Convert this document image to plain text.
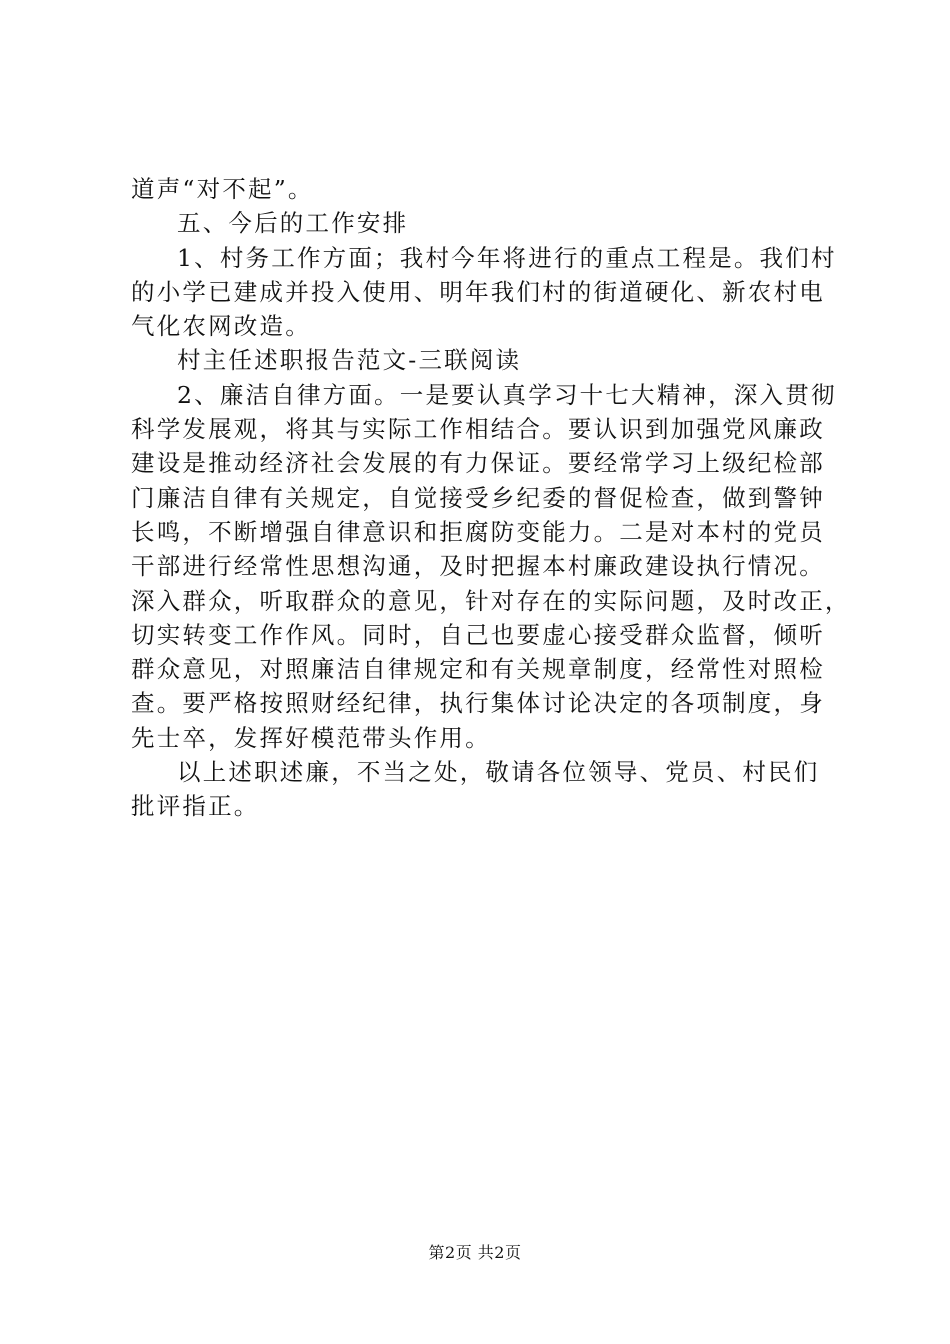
道声“对不起”。
五、今后的工作安排
1、村务工作方面；我村今年将进行的重点工程是。我们村
的小学已建成并投入使用、明年我们村的街道硬化、新农村电
气化农网改造。
村主任述职报告范文-三联阅读
2、廉洁自律方面。一是要认真学习十七大精神，深入贯彻
科学发展观，将其与实际工作相结合。要认识到加强党风廉政
建设是推动经济社会发展的有力保证。要经常学习上级纪检部
门廉洁自律有关规定，自觉接受乡纪委的督促检查，做到警钟
长鸣，不断增强自律意识和拒腐防变能力。二是对本村的党员
干部进行经常性思想沟通，及时把握本村廉政建设执行情况。
深入群众，听取群众的意见，针对存在的实际问题，及时改正，
切实转变工作作风。同时，自己也要虚心接受群众监督，倾听
群众意见，对照廉洁自律规定和有关规章制度，经常性对照检
查。要严格按照财经纪律，执行集体讨论决定的各项制度，身
先士卒，发挥好模范带头作用。
以上述职述廉，不当之处，敬请各位领导、党员、村民们
批评指正。
第2页 共2页
